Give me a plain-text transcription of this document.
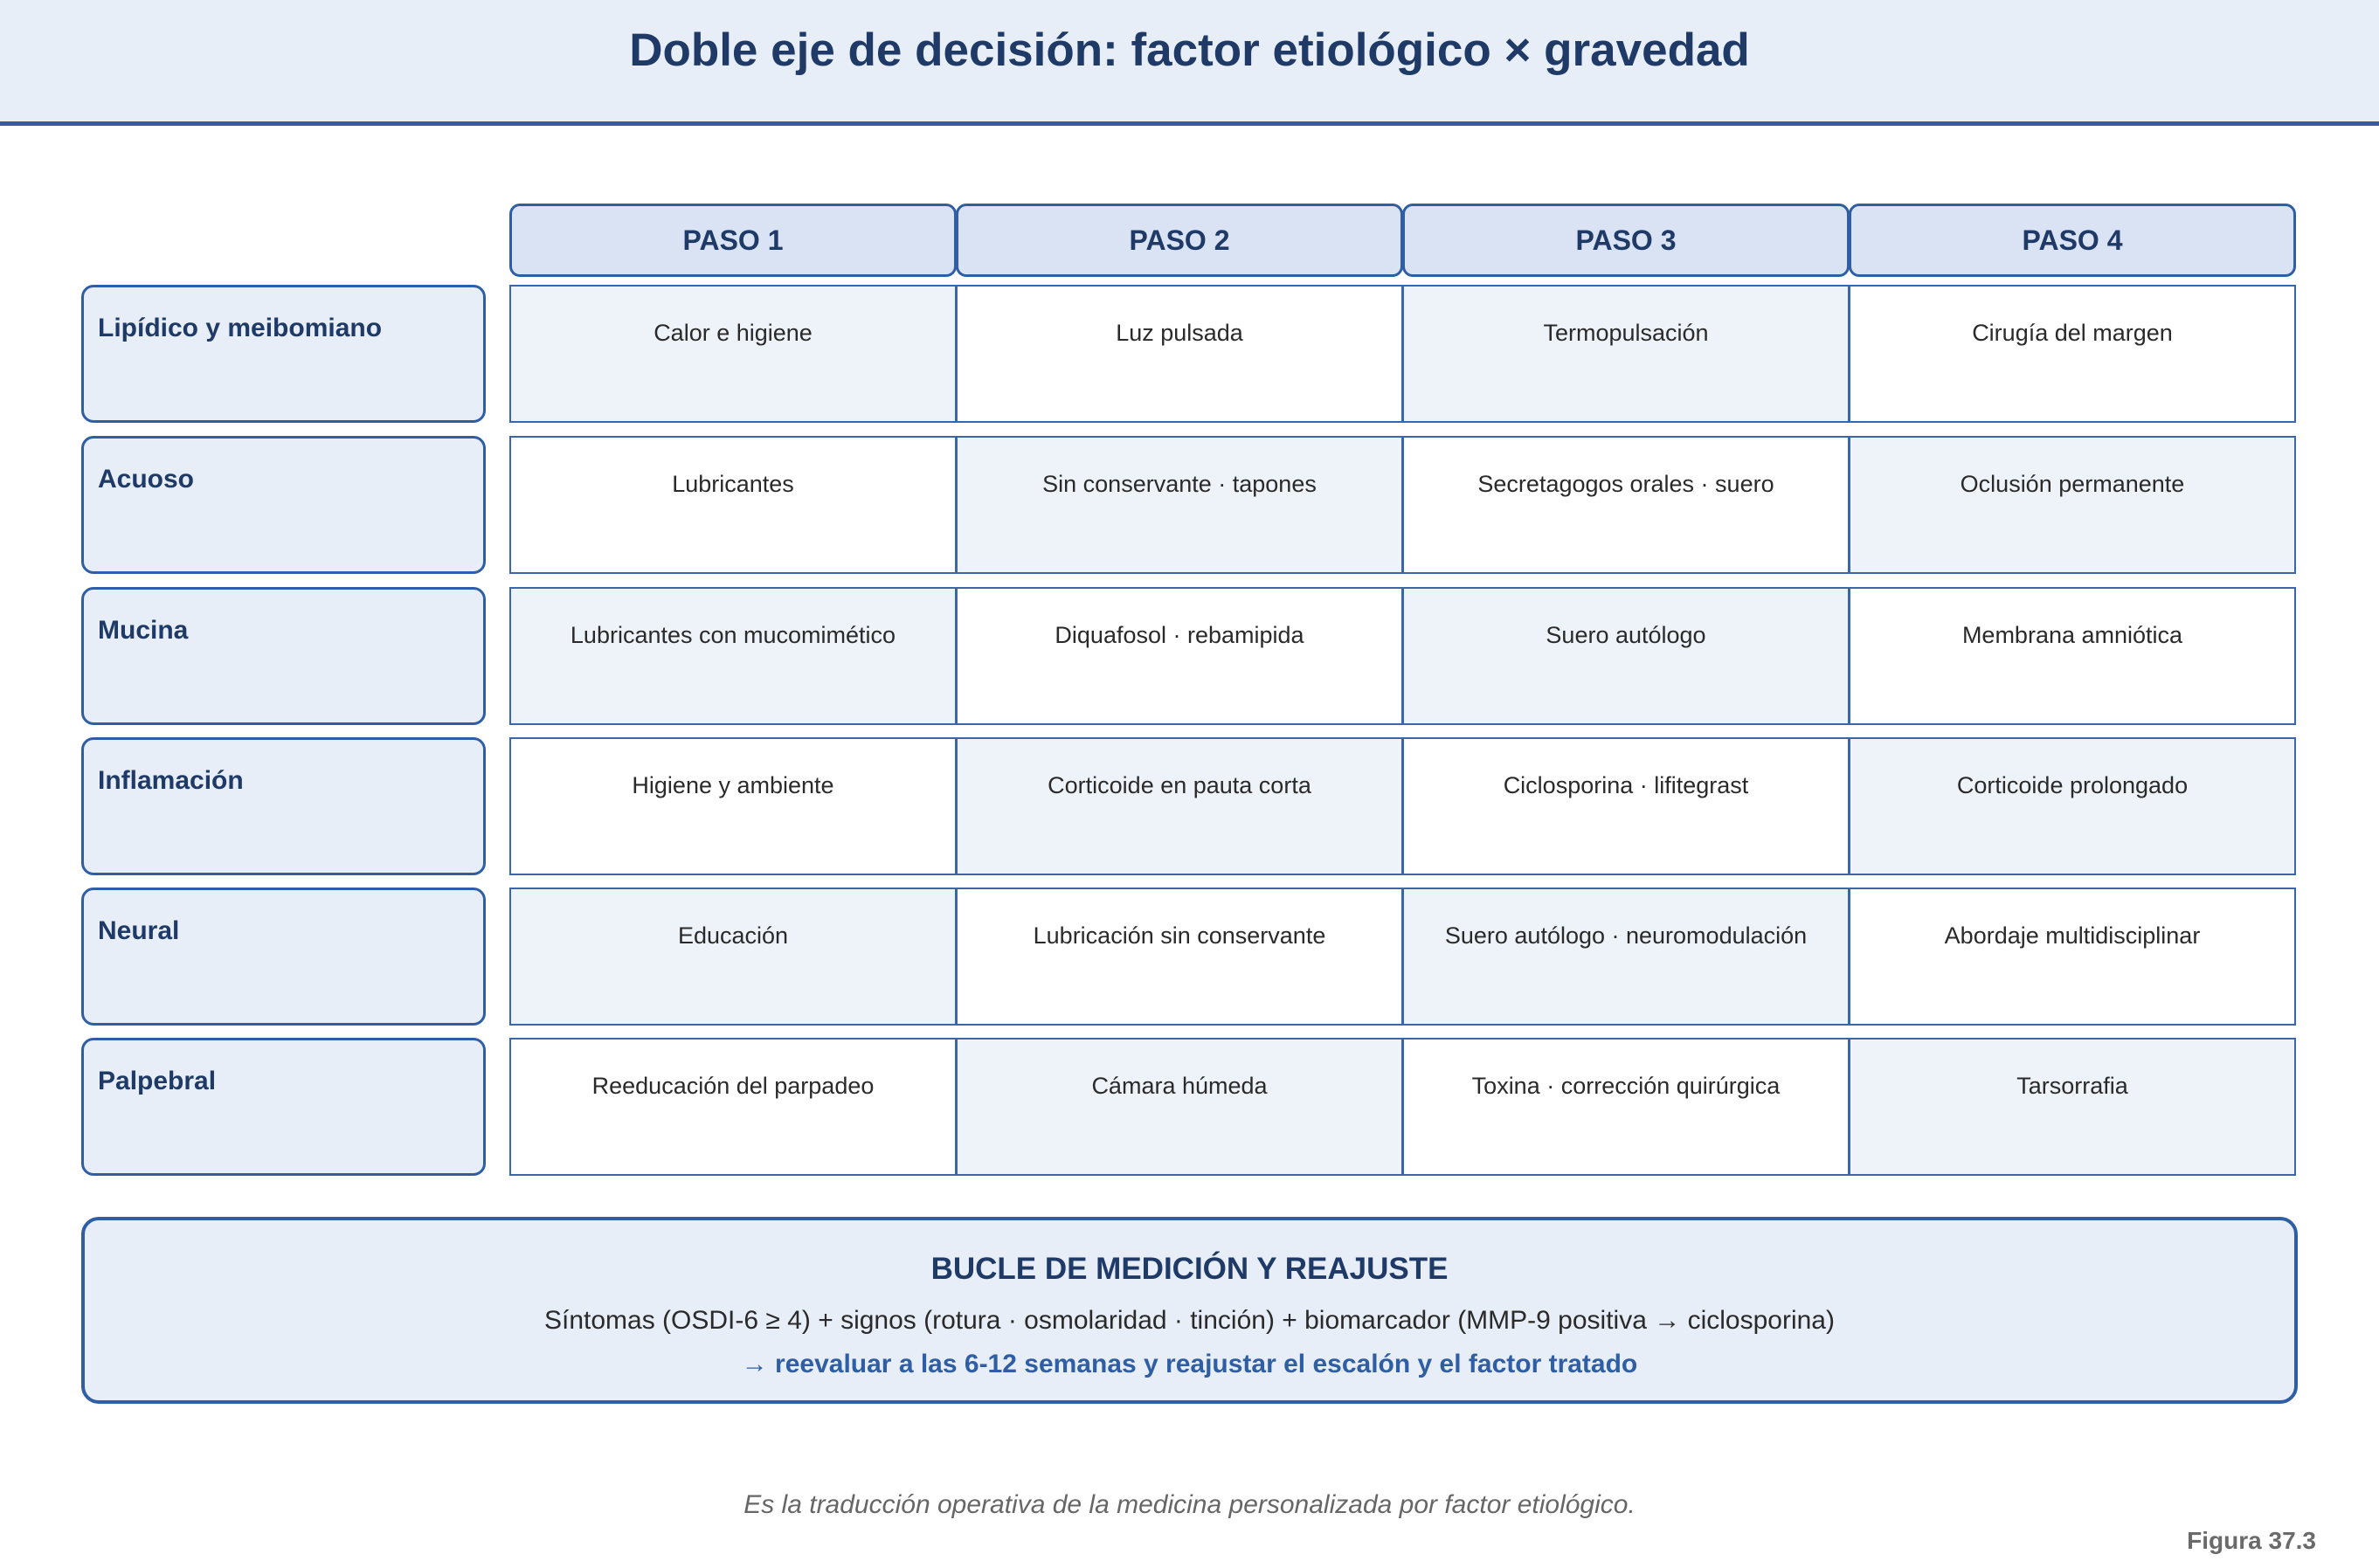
Doble eje de decisión: factor etiológico × gravedad
PASO 1	PASO 2	PASO 3	PASO 4
Lipídico y meibomiano	Calor e higiene	Luz pulsada	Termopulsación	Cirugía del margen
Acuoso	Lubricantes	Sin conservante · tapones	Secretagogos orales · suero	Oclusión permanente
Mucina	Lubricantes con mucomimético	Diquafosol · rebamipida	Suero autólogo	Membrana amniótica
Inflamación	Higiene y ambiente	Corticoide en pauta corta	Ciclosporina · lifitegrast	Corticoide prolongado
Neural	Educación	Lubricación sin conservante	Suero autólogo · neuromodulación	Abordaje multidisciplinar
Palpebral	Reeducación del parpadeo	Cámara húmeda	Toxina · corrección quirúrgica	Tarsorrafia
BUCLE DE MEDICIÓN Y REAJUSTE
Síntomas (OSDI-6 ≥ 4) + signos (rotura · osmolaridad · tinción) + biomarcador (MMP-9 positiva → ciclosporina)
→ reevaluar a las 6-12 semanas y reajustar el escalón y el factor tratado
Es la traducción operativa de la medicina personalizada por factor etiológico.
Figura 37.3
